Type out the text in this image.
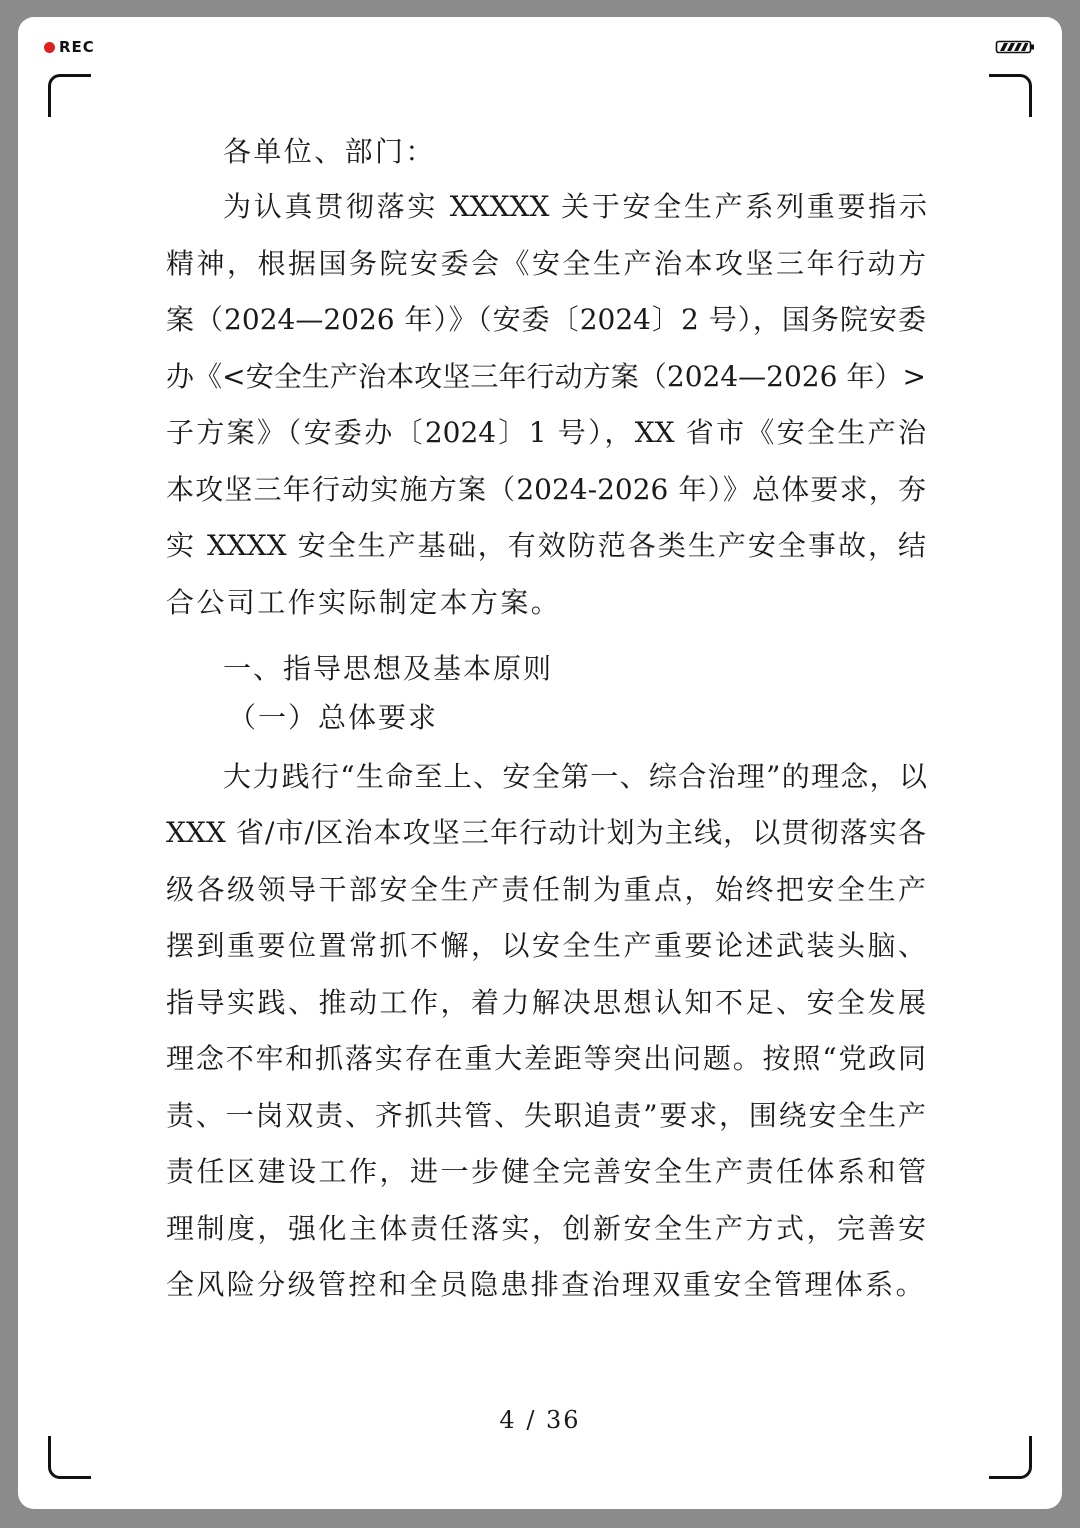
REC

各单位、部门：

为认真贯彻落实 XXXXX 关于安全生产系列重要指示

精神，根据国务院安委会《安全生产治本攻坚三年行动方

案（2024—2026 年）》（安委〔2024〕2 号），国务院安委

办《<安全生产治本攻坚三年行动方案（2024—2026 年）>

子方案》（安委办〔2024〕1 号），XX 省市《安全生产治

本攻坚三年行动实施方案（2024-2026 年）》总体要求，夯

实 XXXX 安全生产基础，有效防范各类生产安全事故，结

合公司工作实际制定本方案。

一、指导思想及基本原则

（一）总体要求

大力践行“生命至上、安全第一、综合治理”的理念，以

XXX 省/市/区治本攻坚三年行动计划为主线，以贯彻落实各

级各级领导干部安全生产责任制为重点，始终把安全生产

摆到重要位置常抓不懈，以安全生产重要论述武装头脑、

指导实践、推动工作，着力解决思想认知不足、安全发展

理念不牢和抓落实存在重大差距等突出问题。按照“党政同

责、一岗双责、齐抓共管、失职追责”要求，围绕安全生产

责任区建设工作，进一步健全完善安全生产责任体系和管

理制度，强化主体责任落实，创新安全生产方式，完善安

全风险分级管控和全员隐患排查治理双重安全管理体系。

4 / 36
